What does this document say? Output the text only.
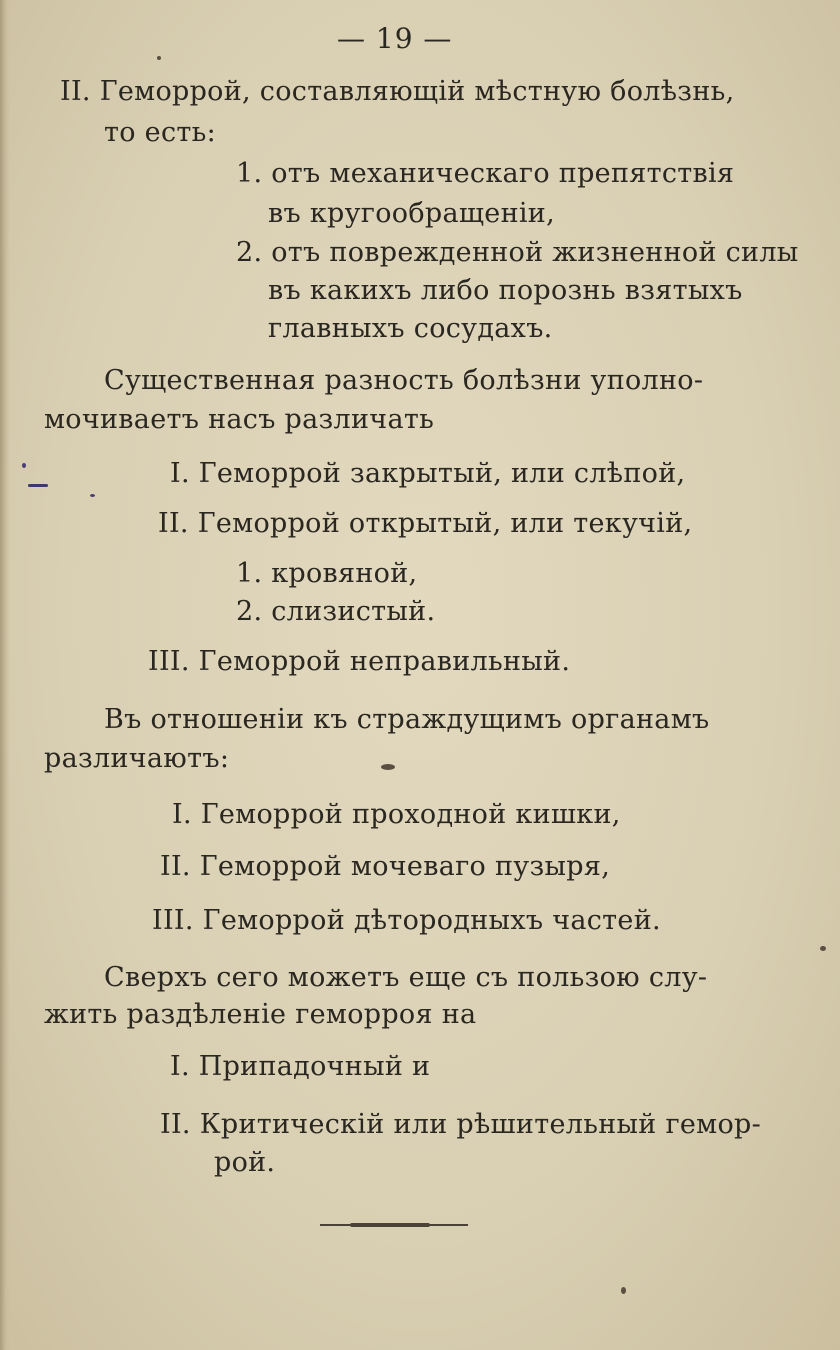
— 19 —
II. Геморрой, составляющій мѣстную болѣзнь,
то есть:
1. отъ механическаго препятствія
въ кругообращеніи,
2. отъ поврежденной жизненной силы
въ какихъ либо порознь взятыхъ
главныхъ сосудахъ.
Существенная разность болѣзни уполно-
мочиваетъ насъ различать
I. Геморрой закрытый, или слѣпой,
II. Геморрой открытый, или текучій,
1. кровяной,
2. слизистый.
III. Геморрой неправильный.
Въ отношеніи къ страждущимъ органамъ
различаютъ:
I. Геморрой проходной кишки,
II. Геморрой мочеваго пузыря,
III. Геморрой дѣтородныхъ частей.
Сверхъ сего можетъ еще съ пользою слу-
жить раздѣленіе геморроя на
I. Припадочный и
II. Критическій или рѣшительный гемор-
рой.
